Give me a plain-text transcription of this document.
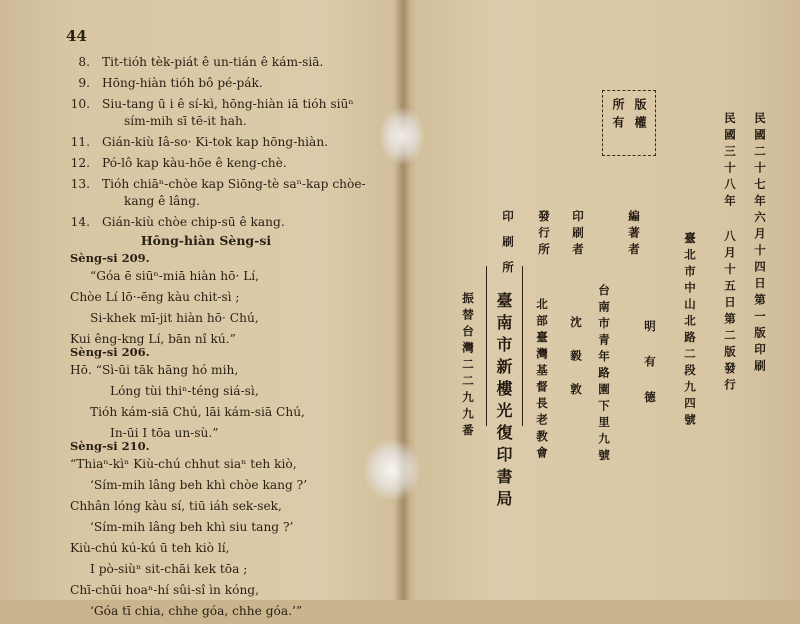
44
8. Tit-tióh tèk-piát ê un-tián ê kám-siā.
9. Hōng-hiàn tióh bô pé-pák.
10. Siu-tang ū i ê sí-kì, hōng-hiàn iā tióh siūⁿ
sím-mih sī tē-it hah.
11. Gián-kiù Iâ-so· Ki-tok kap hōng-hiàn.
12. Pó-lô kap kàu-hōe ê keng-chè.
13. Tióh chiāⁿ-chòe kap Siōng-tè saⁿ-kap chòe-
kang ê lâng.
14. Gián-kiù chòe chip-sū ê kang.
Hōng-hiàn Sèng-si
Sèng-si 209.
“Góa ē siūⁿ-miā hiàn hō· Lí,
Chòe Lí lō·-ēng kàu chit-sì ;
Si-khek mī-jit hiàn hō· Chú,
Kui êng-kng Lí, bān nî kú.”
Sèng-si 206.
Hō. “Sì-ūi tāk hāng hó mih,
Lóng tùi thiⁿ-téng siá-sì,
Tióh kám-siā Chú, lāi kám-siā Chú,
In-ūi I tōa un-sù.”
Sèng-si 210.
“Thiaⁿ-kìⁿ Kiù-chú chhut siaⁿ teh kiò,
‘Sím-mih lâng beh khì chòe kang ?’
Chhân lóng kàu sí, tiū iáh sek-sek,
‘Sím-mih lâng beh khì siu tang ?’
Kiù-chú kú-kú ū teh kiò lí,
I pò-siùⁿ sit-chāi kek tōa ;
Chī-chūi hoaⁿ-hí sûi-sî ìn kóng,
‘Góa tī chia, chhe góa, chhe góa.’”
版權
所有	民國二十七年六月十四日第一版印刷
民國三十八年 八月十五日第二版發行
編著者	臺北市中山北路二段九四號
明有德
印刷者
台南市青年路園下里九號
沈毅敦
發行所
北部臺灣基督長老教會
印刷所
臺南市新樓光復印書局
振替台灣二二九九番
